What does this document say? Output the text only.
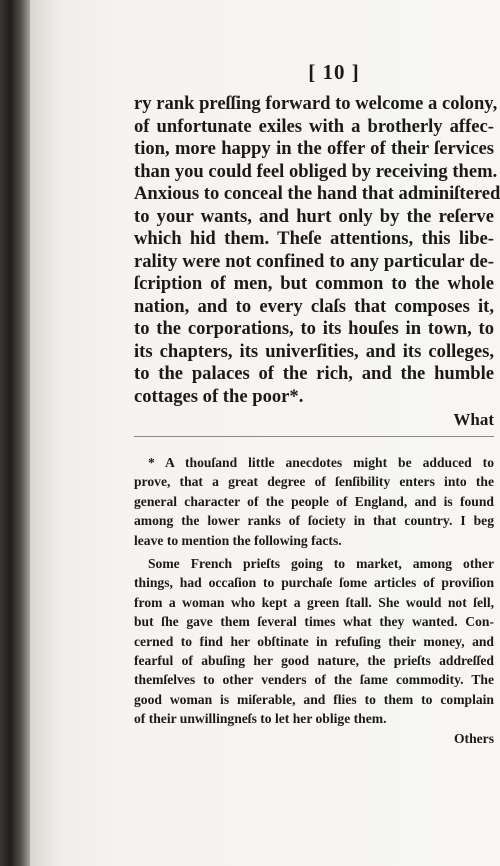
[ 10 ]

ry rank preſſing forward to welcome a colony,
of unfortunate exiles with a brotherly affec-
tion, more happy in the offer of their ſervices
than you could feel obliged by receiving them.
Anxious to conceal the hand that adminiſtered
to your wants, and hurt only by the reſerve
which hid them. Theſe attentions, this libe-
rality were not confined to any particular de-
ſcription of men, but common to the whole
nation, and to every claſs that composes it,
to the corporations, to its houſes in town, to
its chapters, its univerſities, and its colleges,
to the palaces of the rich, and the humble
cottages of the poor*.

What

* A thouſand little anecdotes might be adduced to
prove, that a great degree of ſenſibility enters into the
general character of the people of England, and is found
among the lower ranks of ſociety in that country. I beg
leave to mention the following facts.

Some French prieſts going to market, among other
things, had occaſion to purchaſe ſome articles of proviſion
from a woman who kept a green ſtall. She would not ſell,
but ſhe gave them ſeveral times what they wanted. Con-
cerned to find her obſtinate in refuſing their money, and
fearful of abuſing her good nature, the prieſts addreſſed
themſelves to other venders of the ſame commodity. The
good woman is miſerable, and flies to them to complain
of their unwillingneſs to let her oblige them.

Others
